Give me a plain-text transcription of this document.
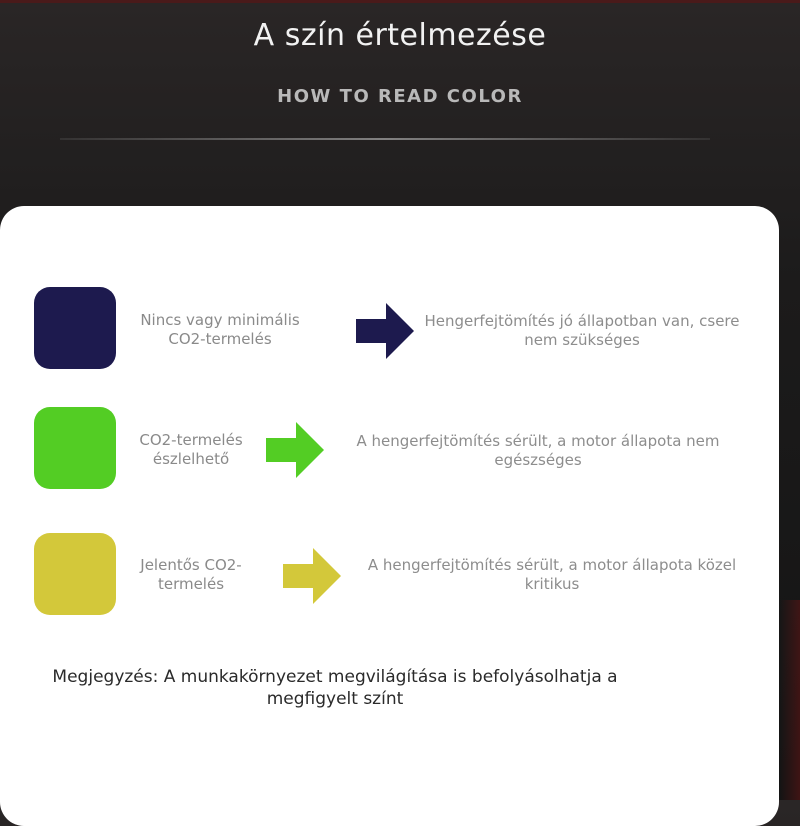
A szín értelmezése
HOW TO READ COLOR
Nincs vagy minimális CO2-termelés
Hengerfejtömítés jó állapotban van, csere nem szükséges
CO2-termelés észlelhető
A hengerfejtömítés sérült, a motor állapota nem egészséges
Jelentős CO2-termelés
A hengerfejtömítés sérült, a motor állapota közel kritikus
Megjegyzés: A munkakörnyezet megvilágítása is befolyásolhatja a megfigyelt színt
